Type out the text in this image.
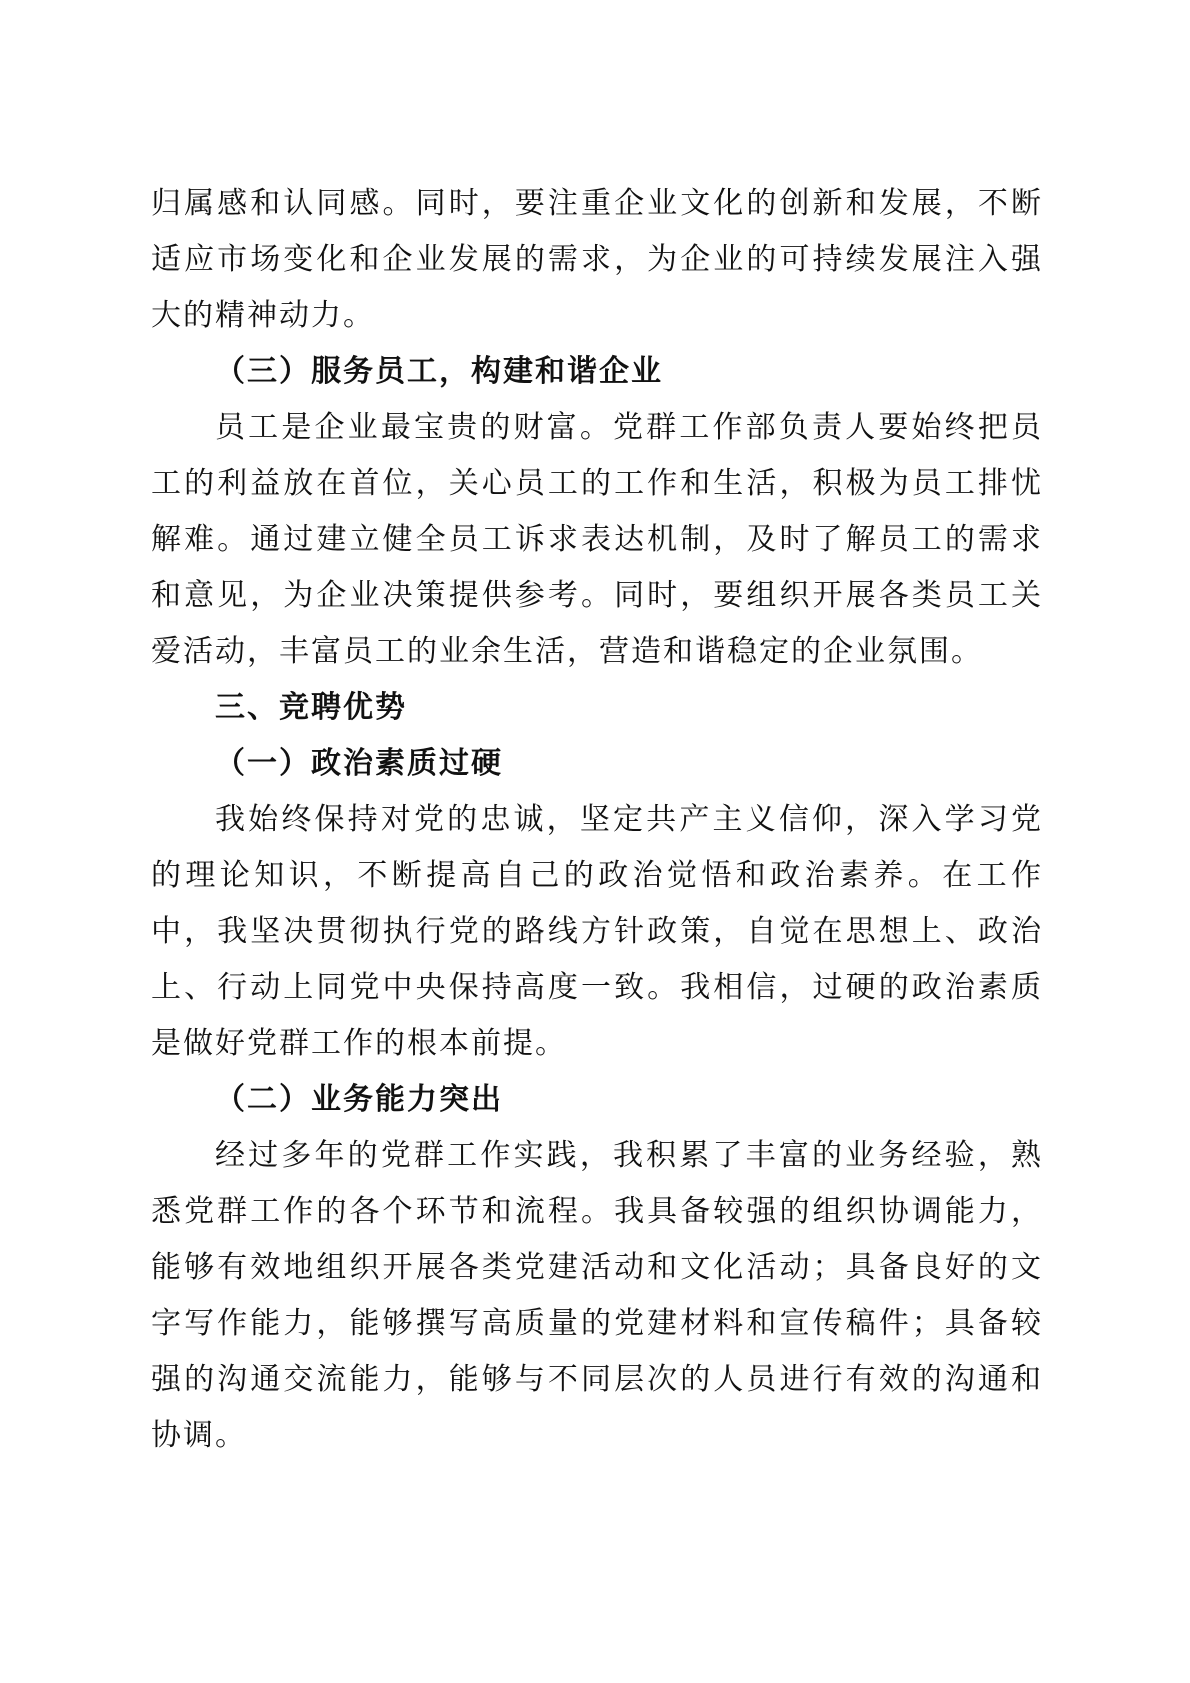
归属感和认同感。同时，要注重企业文化的创新和发展，不断适应市场变化和企业发展的需求，为企业的可持续发展注入强大的精神动力。

（三）服务员工，构建和谐企业

员工是企业最宝贵的财富。党群工作部负责人要始终把员工的利益放在首位，关心员工的工作和生活，积极为员工排忧解难。通过建立健全员工诉求表达机制，及时了解员工的需求和意见，为企业决策提供参考。同时，要组织开展各类员工关爱活动，丰富员工的业余生活，营造和谐稳定的企业氛围。

三、竞聘优势

（一）政治素质过硬

我始终保持对党的忠诚，坚定共产主义信仰，深入学习党的理论知识，不断提高自己的政治觉悟和政治素养。在工作中，我坚决贯彻执行党的路线方针政策，自觉在思想上、政治上、行动上同党中央保持高度一致。我相信，过硬的政治素质是做好党群工作的根本前提。

（二）业务能力突出

经过多年的党群工作实践，我积累了丰富的业务经验，熟悉党群工作的各个环节和流程。我具备较强的组织协调能力，能够有效地组织开展各类党建活动和文化活动；具备良好的文字写作能力，能够撰写高质量的党建材料和宣传稿件；具备较强的沟通交流能力，能够与不同层次的人员进行有效的沟通和协调。
